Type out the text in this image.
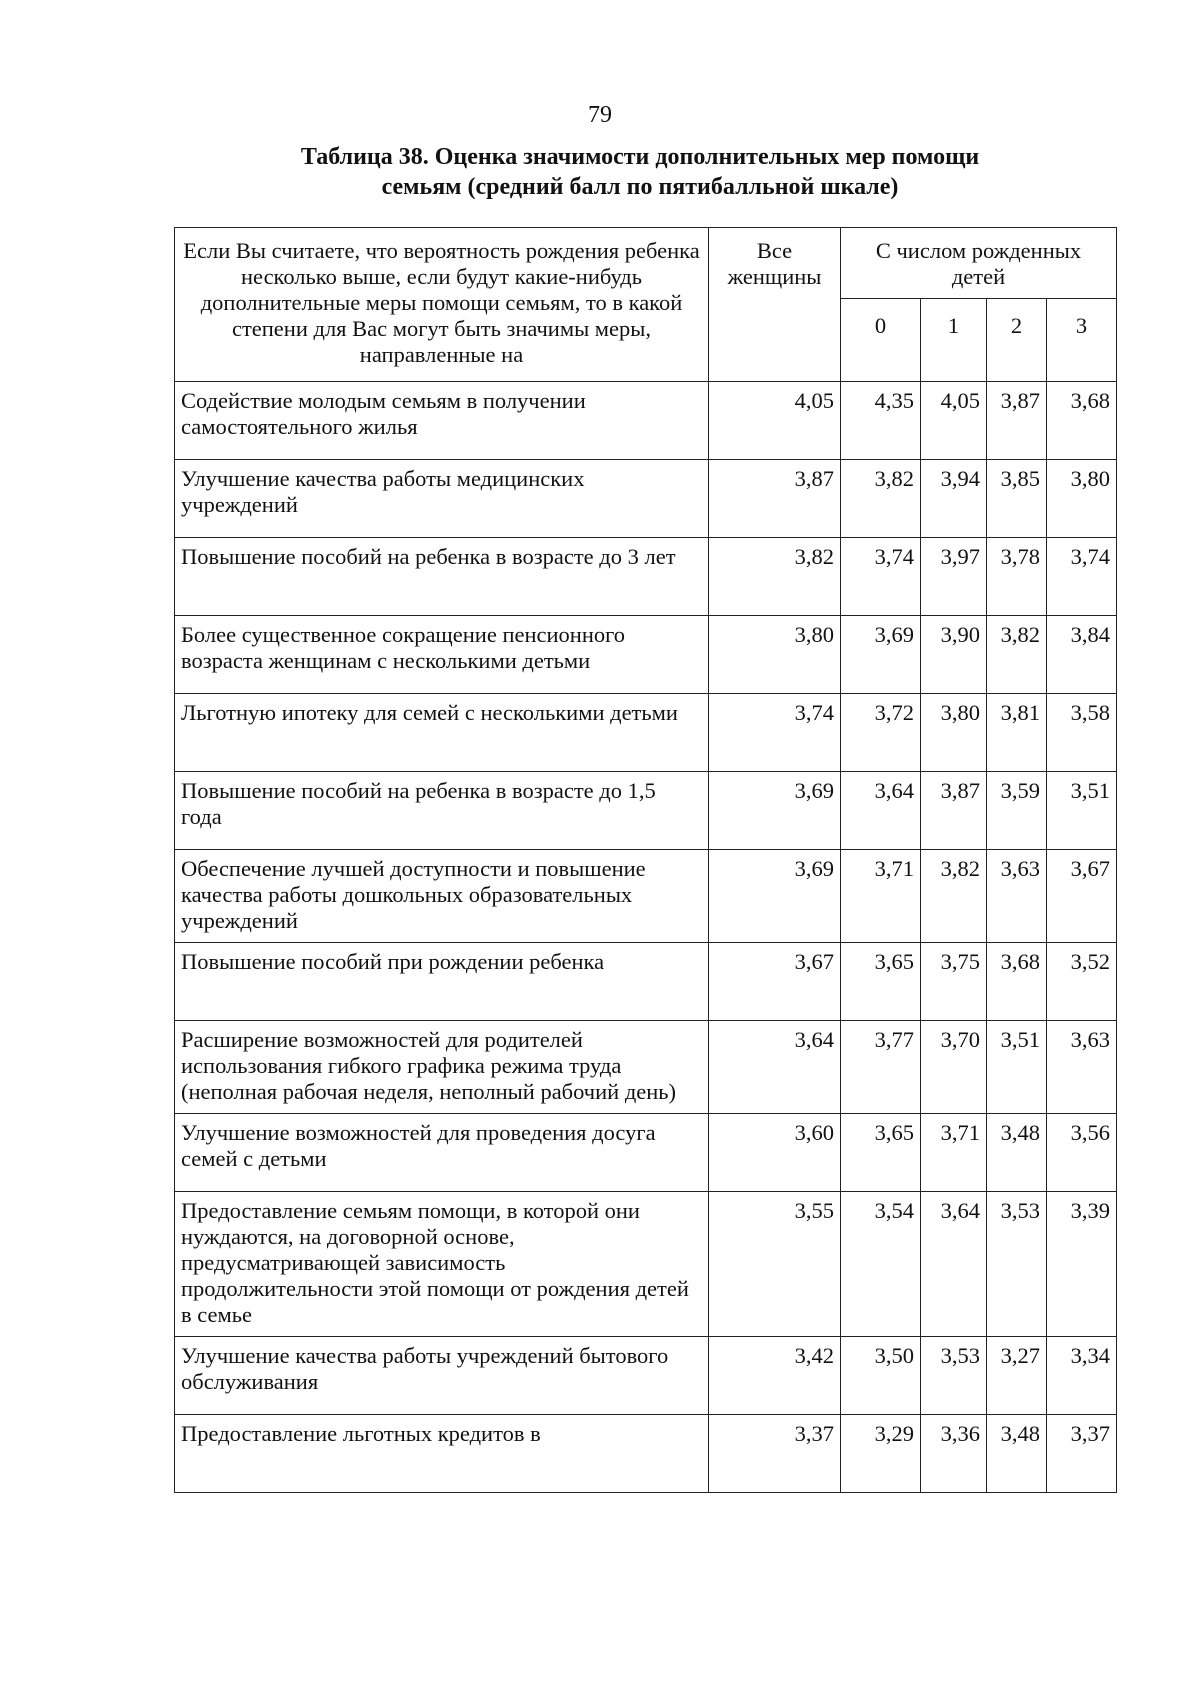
79
Таблица 38. Оценка значимости дополнительных мер помощи
семьям (средний балл по пятибалльной шкале)
Если Вы считаете, что вероятность рождения ребенка несколько выше, если будут какие-нибудь дополнительные меры помощи семьям, то в какой степени для Вас могут быть значимы меры, направленные на	Все женщины	С числом рожденных детей			
		0	1	2	3
Содействие молодым семьям в получении самостоятельного жилья	4,05	4,35	4,05	3,87	3,68
Улучшение качества работы медицинских учреждений	3,87	3,82	3,94	3,85	3,80
Повышение пособий на ребенка в возрасте до 3 лет	3,82	3,74	3,97	3,78	3,74
Более существенное сокращение пенсионного возраста женщинам с несколькими детьми	3,80	3,69	3,90	3,82	3,84
Льготную ипотеку для семей с несколькими детьми	3,74	3,72	3,80	3,81	3,58
Повышение пособий на ребенка в возрасте до 1,5 года	3,69	3,64	3,87	3,59	3,51
Обеспечение лучшей доступности и повышение качества работы дошкольных образовательных учреждений	3,69	3,71	3,82	3,63	3,67
Повышение пособий при рождении ребенка	3,67	3,65	3,75	3,68	3,52
Расширение возможностей для родителей использования гибкого графика режима труда (неполная рабочая неделя, неполный рабочий день)	3,64	3,77	3,70	3,51	3,63
Улучшение возможностей для проведения досуга семей с детьми	3,60	3,65	3,71	3,48	3,56
Предоставление семьям помощи, в которой они нуждаются, на договорной основе, предусматривающей зависимость продолжительности этой помощи от рождения детей в семье	3,55	3,54	3,64	3,53	3,39
Улучшение качества работы учреждений бытового обслуживания	3,42	3,50	3,53	3,27	3,34
Предоставление льготных кредитов в	3,37	3,29	3,36	3,48	3,37
